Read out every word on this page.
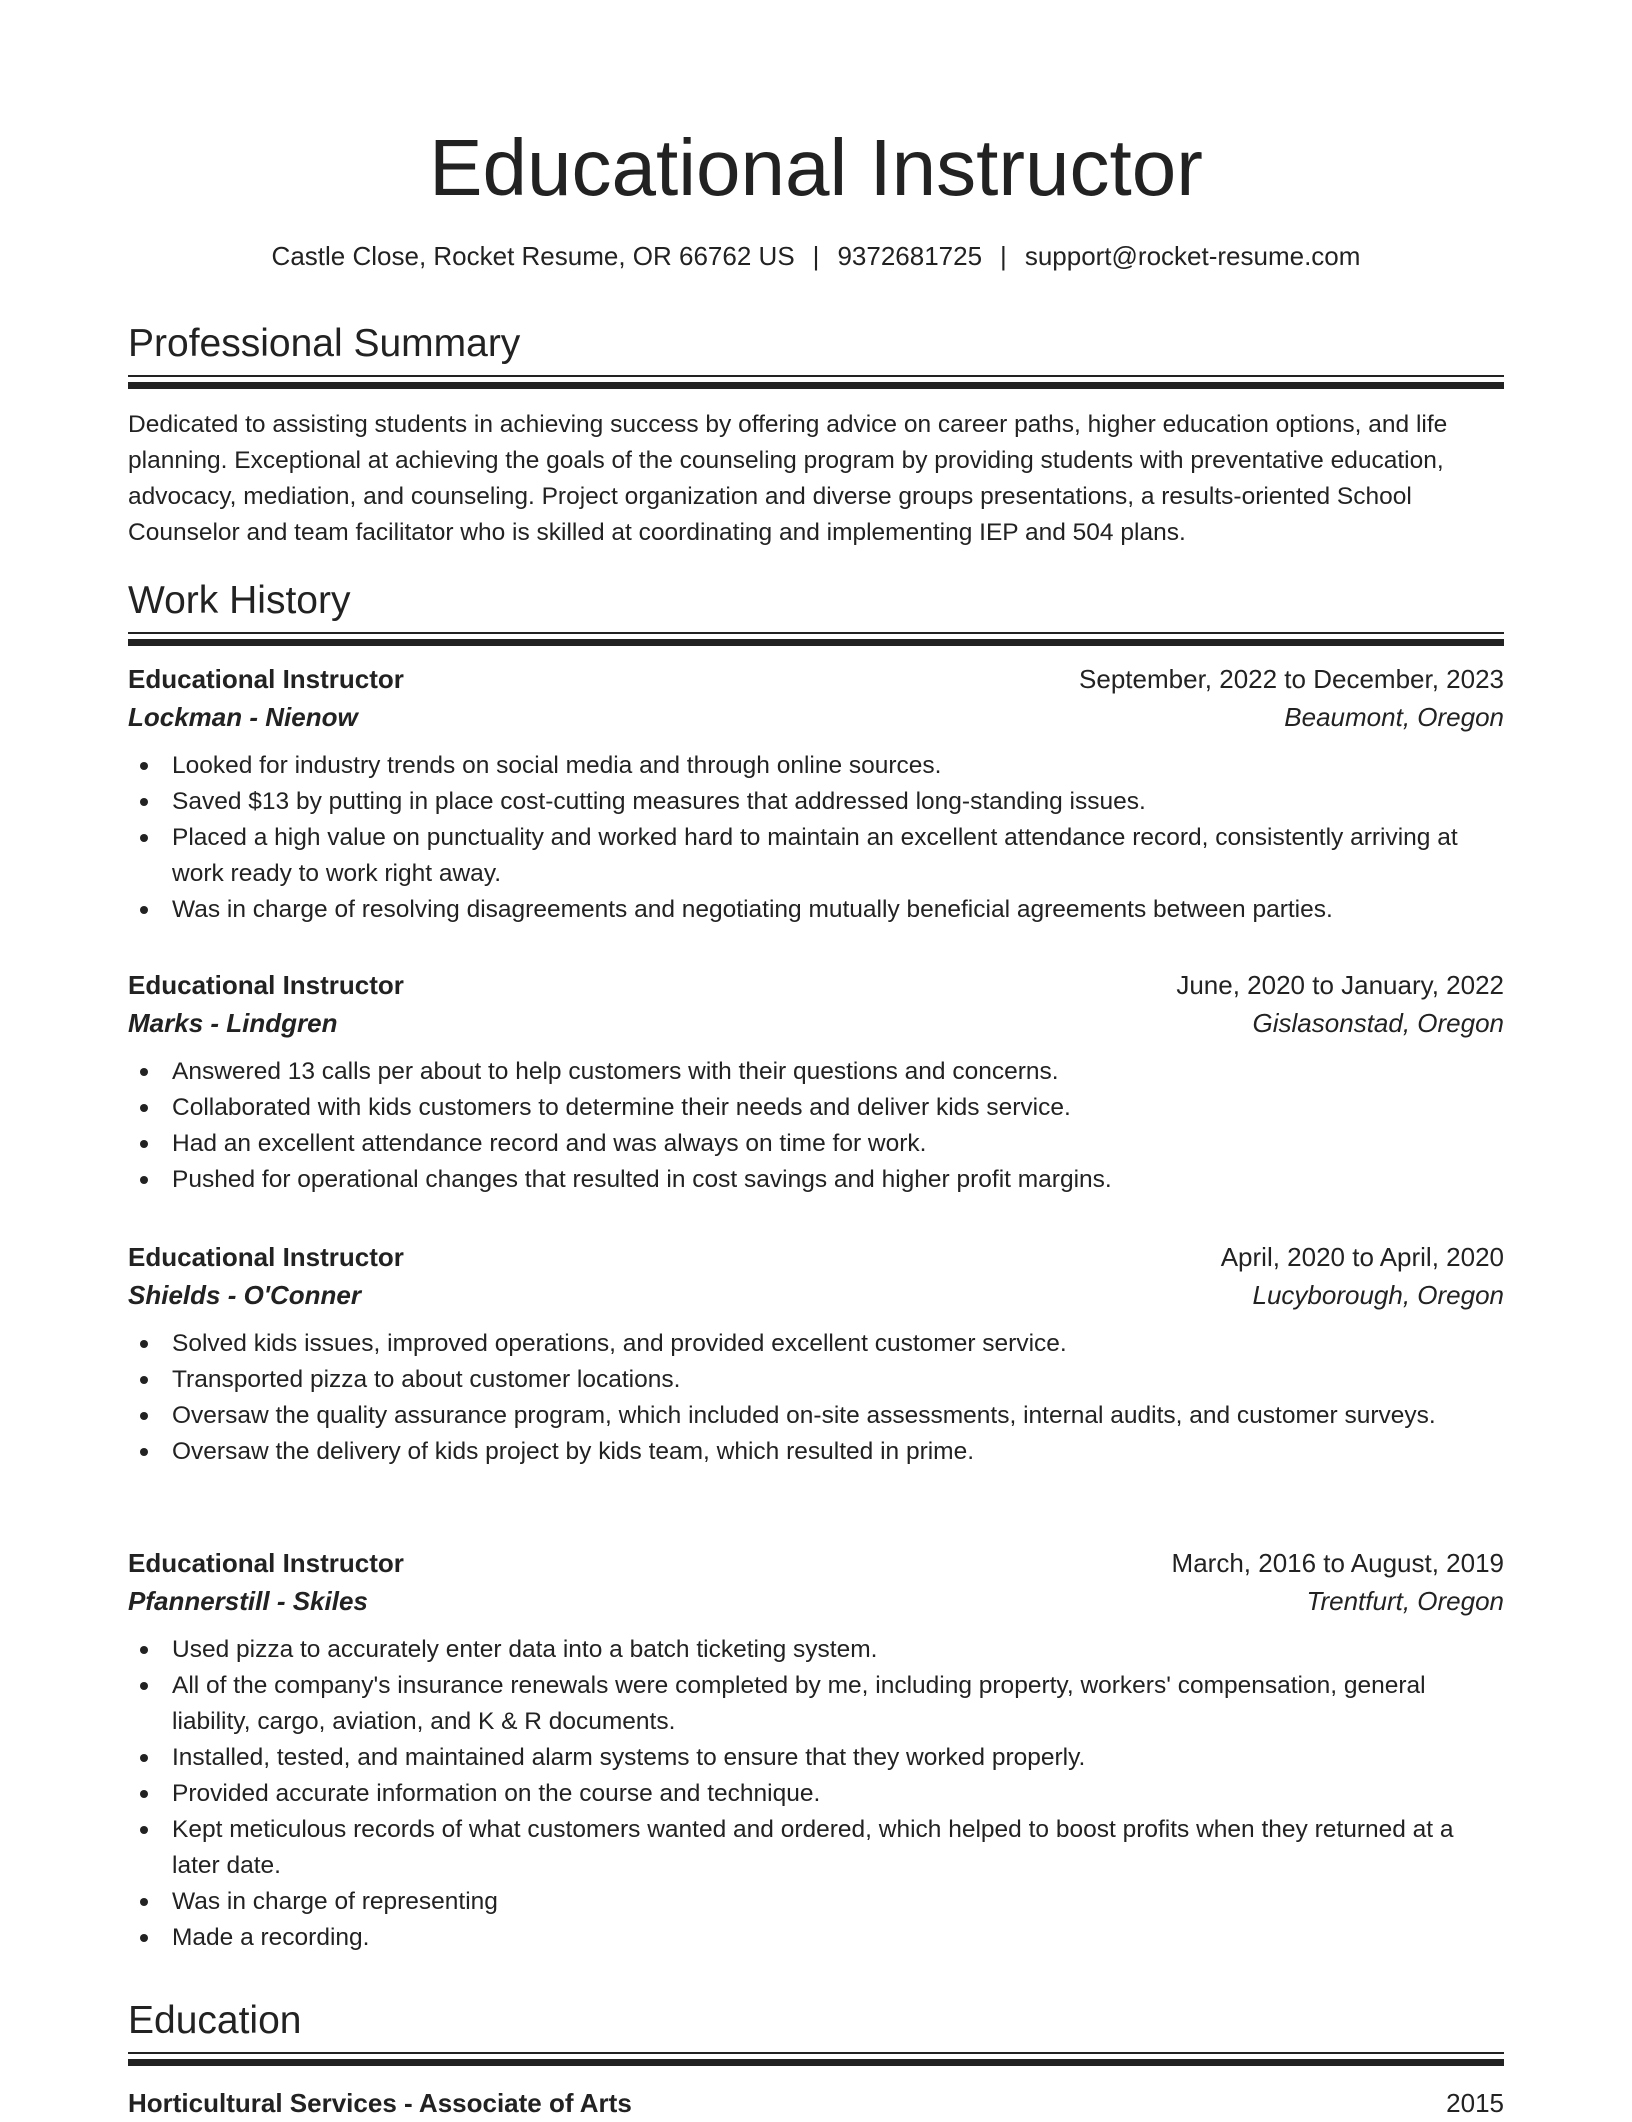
Educational Instructor
Castle Close, Rocket Resume, OR 66762 US | 9372681725 | support@rocket-resume.com
Professional Summary

Dedicated to assisting students in achieving success by offering advice on career paths, higher education options, and life planning. Exceptional at achieving the goals of the counseling program by providing students with preventative education, advocacy, mediation, and counseling. Project organization and diverse groups presentations, a results-oriented School Counselor and team facilitator who is skilled at coordinating and implementing IEP and 504 plans.

Work History
Educational Instructor	September, 2022 to December, 2023
Lockman - Nienow	Beaumont, Oregon
Looked for industry trends on social media and through online sources.
Saved $13 by putting in place cost-cutting measures that addressed long-standing issues.
Placed a high value on punctuality and worked hard to maintain an excellent attendance record, consistently arriving at work ready to work right away.
Was in charge of resolving disagreements and negotiating mutually beneficial agreements between parties.
Educational Instructor	June, 2020 to January, 2022
Marks - Lindgren	Gislasonstad, Oregon
Answered 13 calls per about to help customers with their questions and concerns.
Collaborated with kids customers to determine their needs and deliver kids service.
Had an excellent attendance record and was always on time for work.
Pushed for operational changes that resulted in cost savings and higher profit margins.
Educational Instructor	April, 2020 to April, 2020
Shields - O'Conner	Lucyborough, Oregon
Solved kids issues, improved operations, and provided excellent customer service.
Transported pizza to about customer locations.
Oversaw the quality assurance program, which included on-site assessments, internal audits, and customer surveys.
Oversaw the delivery of kids project by kids team, which resulted in prime.
Educational Instructor	March, 2016 to August, 2019
Pfannerstill - Skiles	Trentfurt, Oregon
Used pizza to accurately enter data into a batch ticketing system.
All of the company's insurance renewals were completed by me, including property, workers' compensation, general liability, cargo, aviation, and K & R documents.
Installed, tested, and maintained alarm systems to ensure that they worked properly.
Provided accurate information on the course and technique.
Kept meticulous records of what customers wanted and ordered, which helped to boost profits when they returned at a later date.
Was in charge of representing
Made a recording.
Education
Horticultural Services - Associate of Arts	2015
